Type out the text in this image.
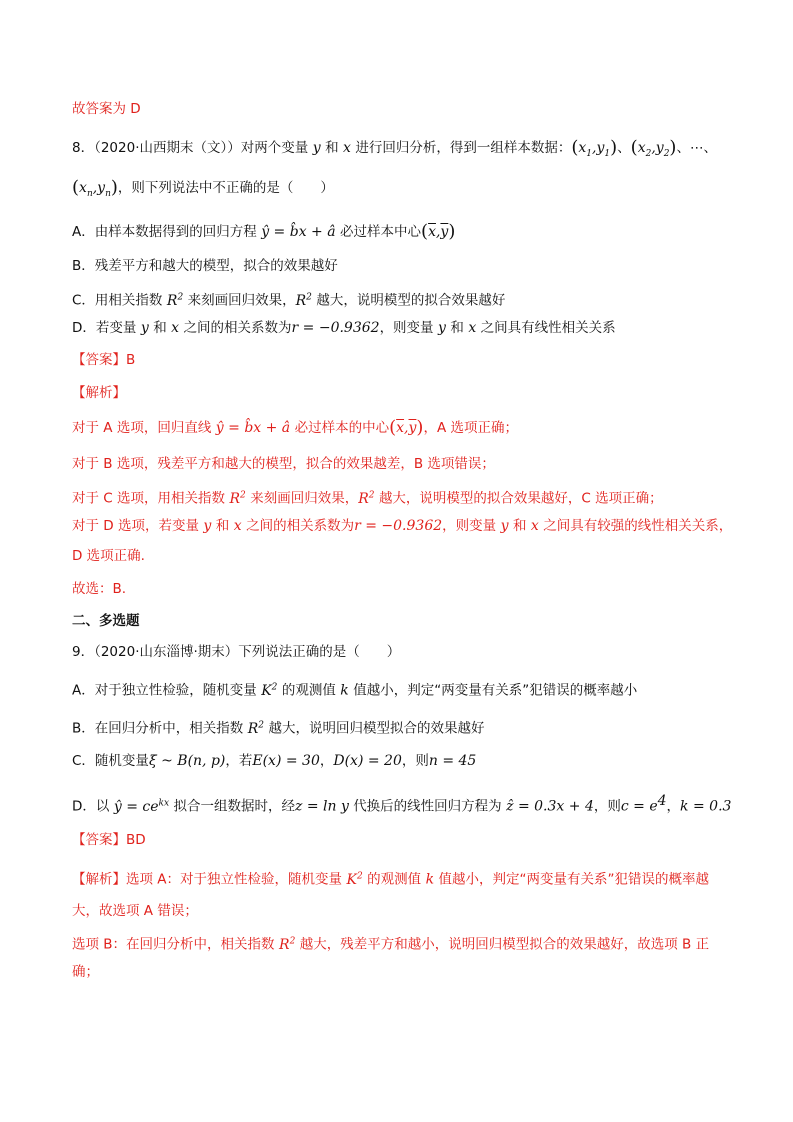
故答案为 D
8．（2020·山西期末（文））对两个变量 y 和 x 进行回归分析，得到一组样本数据：$(x_1,y_1)$、$(x_2,y_2)$、⋯、
$(x_n,y_n)$，则下列说法中不正确的是（　　）
A．由样本数据得到的回归方程 ŷ = b̂x + â 必过样本中心$(\overline{x},\overline{y})$
B．残差平方和越大的模型，拟合的效果越好
C．用相关指数 $R^2$ 来刻画回归效果，$R^2$ 越大，说明模型的拟合效果越好
D．若变量 y 和 x 之间的相关系数为r = −0.9362，则变量 y 和 x 之间具有线性相关关系
【答案】B
【解析】
对于 A 选项，回归直线 ŷ = b̂x + â 必过样本的中心$(\overline{x},\overline{y})$，A 选项正确；
对于 B 选项，残差平方和越大的模型，拟合的效果越差，B 选项错误；
对于 C 选项，用相关指数 $R^2$ 来刻画回归效果，$R^2$ 越大，说明模型的拟合效果越好，C 选项正确；
对于 D 选项，若变量 y 和 x 之间的相关系数为r = −0.9362，则变量 y 和 x 之间具有较强的线性相关关系，
D 选项正确.
故选：B.
二、多选题
9．（2020·山东淄博·期末）下列说法正确的是（　　）
A．对于独立性检验，随机变量 $K^2$ 的观测值 k 值越小，判定“两变量有关系”犯错误的概率越小
B．在回归分析中，相关指数 $R^2$ 越大，说明回归模型拟合的效果越好
C．随机变量ξ ~ B(n, p)，若E(x) = 30，D(x) = 20，则n = 45
D．以 ŷ = $ce^{kx}$ 拟合一组数据时，经z = ln y 代换后的线性回归方程为 ẑ = 0.3x + 4，则$c = e^4$，k = 0.3
【答案】BD
【解析】选项 A：对于独立性检验，随机变量 $K^2$ 的观测值 k 值越小，判定“两变量有关系”犯错误的概率越
大，故选项 A 错误；
选项 B：在回归分析中，相关指数 $R^2$ 越大，残差平方和越小，说明回归模型拟合的效果越好，故选项 B 正
确；
